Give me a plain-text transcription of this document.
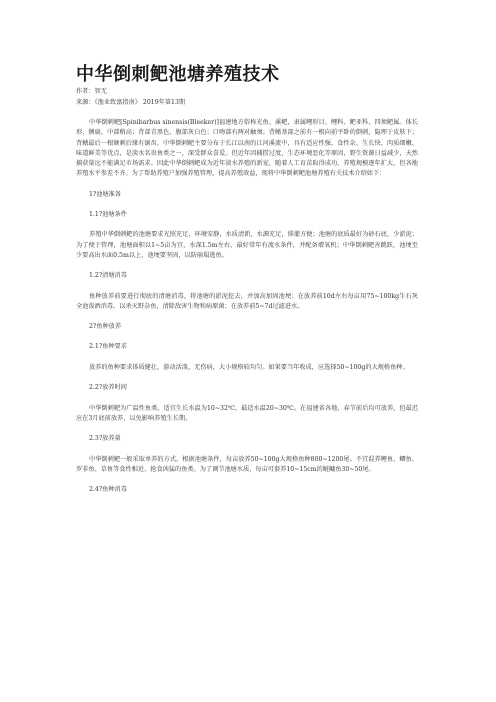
中华倒刺鲃池塘养殖技术
作者：智无
来源：《渔业致富指南》 2019年第13期

中华倒刺鲃[Spinibarbus sinensis(Bleeker)]福建地方俗称光鱼、溪鲃，隶属鲤形目、鲤科、鲃亚科、四须鲃属。体长形，侧扁，中部稍高；背部青黑色，腹部灰白色；口吻部有两对触须；背鳍基部之前有一根向前平卧的倒刺，隐埋于皮肤下；背鳍最后一根硬刺后缘有锯齿。中华倒刺鲃主要分布于长江以南的江河溪流中，具有适应性强、食性杂、生长快、肉质细嫩、味道鲜美等优点，是淡水名贵鱼类之一，深受群众喜爱。但近年因捕捞过度，生态环境恶化等原因，野生资源日益减少，天然捕获量远不能满足市场需求。因此中华倒刺鲃成为近年淡水养殖的新宠，随着人工育苗取得成功，养殖规模逐年扩大，但各地养殖水平参差不齐。为了帮助养殖户加强养殖管理，提高养殖效益，现将中华倒刺鲃池塘养殖有关技术介绍如下：

1?池塘准备

1.1?池塘条件

养殖中华倒刺鲃的池塘要求光照充足，环境安静，水质清新，水源充足，排灌方便；池塘的底质最好为砂石底，少淤泥；为了便于管理，池塘面积以1~5亩为宜，水深1.5m左右，最好常年有流水条件，并配备增氧机；中华倒刺鲃善跳跃，池埂至少要高出水面0.5m以上，池埂要坚固，以防崩塌逃鱼。

1.2?清塘消毒

鱼种放养前要进行彻底的清塘消毒，将池塘的淤泥挖去，并加高加固池埂；在放养前10d左右每亩用75~100kg生石灰全池泼洒消毒，以杀灭野杂鱼，清除敌害生物和病原菌；在放养前5~7d过滤进水。

2?鱼种放养

2.1?鱼种要求

放养的鱼种要求体质健壮，游动活泼，无伤病，大小规格较均匀。如果要当年收成，应选择50~100g的大规格鱼种。

2.2?放养时间

中华倒刺鲃为广温性鱼类，适宜生长水温为10~32℃，最适水温20~30℃。在福建省各地，春节前后均可放养，但最迟应在3月底前放养，以免影响养殖生长期。

2.3?放养量

中华倒刺鲃一般采取单养的方式，根据池塘条件，每亩放养50~100g大规格鱼种800~1200尾。不宜混养鲤鱼、鲫鱼、罗非鱼、草鱼等食性相近、抢食凶猛的鱼类。为了调节池塘水质，每亩可套养10~15cm的鲢鳙鱼30~50尾。

2.4?鱼种消毒
